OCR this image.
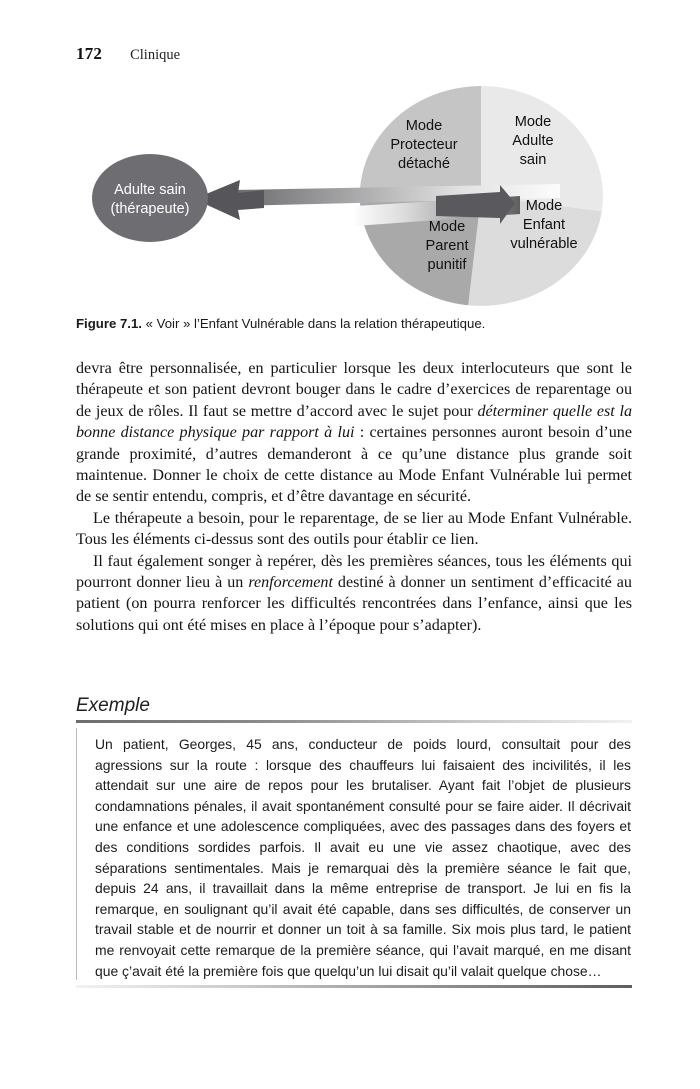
172 Clinique
Adulte sain
(thérapeute)
Mode
Protecteur
détaché
Mode
Adulte
sain
Mode
Enfant
vulnérable
Mode
Parent
punitif
Figure 7.1. « Voir » l’Enfant Vulnérable dans la relation thérapeutique.

devra être personnalisée, en particulier lorsque les deux interlocuteurs que sont le thérapeute et son patient devront bouger dans le cadre d’exercices de reparentage ou de jeux de rôles. Il faut se mettre d’accord avec le sujet pour déterminer quelle est la bonne distance physique par rapport à lui : certaines personnes auront besoin d’une grande proximité, d’autres demanderont à ce qu’une distance plus grande soit maintenue. Donner le choix de cette distance au Mode Enfant Vulnérable lui permet de se sentir entendu, compris, et d’être davantage en sécurité.

Le thérapeute a besoin, pour le reparentage, de se lier au Mode Enfant Vulnérable. Tous les éléments ci-dessus sont des outils pour établir ce lien.

Il faut également songer à repérer, dès les premières séances, tous les éléments qui pourront donner lieu à un renforcement destiné à donner un sentiment d’efficacité au patient (on pourra renforcer les difficultés rencontrées dans l’enfance, ainsi que les solutions qui ont été mises en place à l’époque pour s’adapter).

Exemple

Un patient, Georges, 45 ans, conducteur de poids lourd, consultait pour des agressions sur la route : lorsque des chauffeurs lui faisaient des incivilités, il les attendait sur une aire de repos pour les brutaliser. Ayant fait l’objet de plusieurs condamnations pénales, il avait spontanément consulté pour se faire aider. Il décrivait une enfance et une adolescence compliquées, avec des passages dans des foyers et des conditions sordides parfois. Il avait eu une vie assez chaotique, avec des séparations sentimentales. Mais je remarquai dès la première séance le fait que, depuis 24 ans, il travaillait dans la même entreprise de transport. Je lui en fis la remarque, en soulignant qu’il avait été capable, dans ses difficultés, de conserver un travail stable et de nourrir et donner un toit à sa famille. Six mois plus tard, le patient me renvoyait cette remarque de la première séance, qui l’avait marqué, en me disant que ç’avait été la première fois que quelqu’un lui disait qu’il valait quelque chose…
